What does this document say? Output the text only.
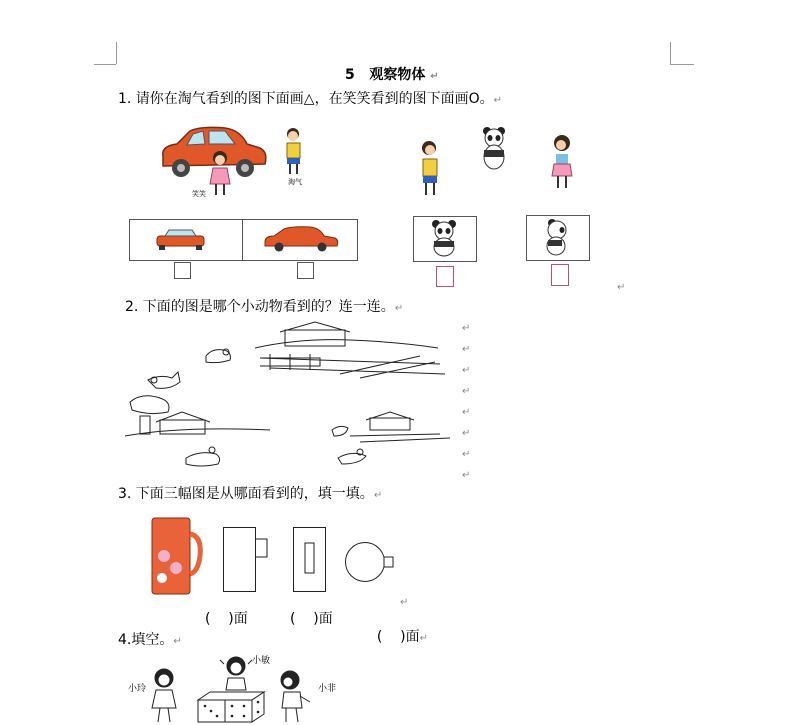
5 观察物体 ↵
1. 请你在淘气看到的图下面画△，在笑笑看到的图下面画O。↵
笑笑
淘气
↵
2. 下面的图是哪个小动物看到的？连一连。↵
↵
↵
↵
↵
↵
↵
↵
↵
3. 下面三幅图是从哪面看到的，填一填。↵
↵
(    )面	(    )面

(    )面↵

4.填空。↵
小玲
小敏
小非
